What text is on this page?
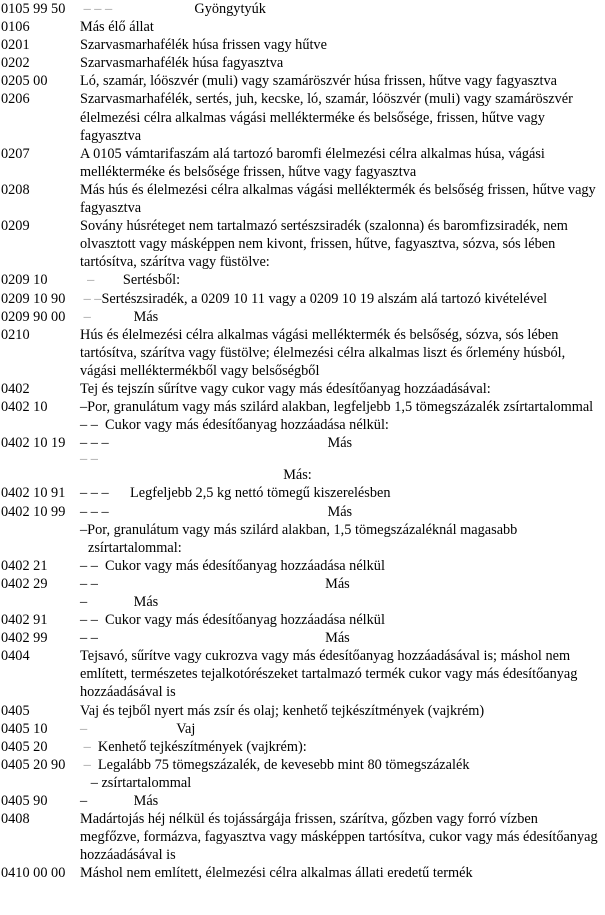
0105 99 50	– – –	Gyöngytyúk
0106	Más élő állat
0201	Szarvasmarhafélék húsa frissen vagy hűtve
0202	Szarvasmarhafélék húsa fagyasztva
0205 00	Ló, szamár, lóöszvér (muli) vagy szamáröszvér húsa frissen, hűtve vagy fagyasztva
0206	Szarvasmarhafélék, sertés, juh, kecske, ló, szamár, lóöszvér (muli) vagy szamáröszvér élelmezési célra alkalmas vágási mellékterméke és belsősége, frissen, hűtve vagy fagyasztva
0207	A 0105 vámtarifaszám alá tartozó baromfi élelmezési célra alkalmas húsa, vágási mellékterméke és belsősége frissen, hűtve vagy fagyasztva
0208	Más hús és élelmezési célra alkalmas vágási melléktermék és belsőség frissen, hűtve vagy fagyasztva
0209	Sovány húsréteget nem tartalmazó sertészsiradék (szalonna) és baromfizsiradék, nem olvasztott vagy másképpen nem kivont, frissen, hűtve, fagyasztva, sózva, sós lében tartósítva, szárítva vagy füstölve:
0209 10	– Sertésből:
0209 10 90	– –Sertészsiradék, a 0209 10 11 vagy a 0209 10 19 alszám alá tartozó kivételével
0209 90 00	–	Más
0210	Hús és élelmezési célra alkalmas vágási melléktermék és belsőség, sózva, sós lében tartósítva, szárítva vagy füstölve; élelmezési célra alkalmas liszt és őrlemény húsból, vágási melléktermékből vagy belsőségből
0402	Tej és tejszín sűrítve vagy cukor vagy más édesítőanyag hozzáadásával:
0402 10	–Por, granulátum vagy más szilárd alakban, legfeljebb 1,5 tömegszázalék zsírtartalommal
– – Cukor vagy más édesítőanyag hozzáadása nélkül:
0402 10 19	– – –	Más
– –
Más:
0402 10 91	– – – Legfeljebb 2,5 kg nettó tömegű kiszerelésben
0402 10 99	– – –	Más
–Por, granulátum vagy más szilárd alakban, 1,5 tömegszázaléknál magasabb zsírtartalommal:
0402 21	– – Cukor vagy más édesítőanyag hozzáadása nélkül
0402 29	– –	Más
–	Más
0402 91	– – Cukor vagy más édesítőanyag hozzáadása nélkül
0402 99	– –	Más
0404	Tejsavó, sűrítve vagy cukrozva vagy más édesítőanyag hozzáadásával is; máshol nem említett, természetes tejalkotórészeket tartalmazó termék cukor vagy más édesítőanyag hozzáadásával is
0405	Vaj és tejből nyert más zsír és olaj; kenhető tejkészítmények (vajkrém)
0405 10	–	Vaj
0405 20	– Kenhető tejkészítmények (vajkrém):
0405 20 90	– Legalább 75 tömegszázalék, de kevesebb mint 80 tömegszázalék
– zsírtartalommal
0405 90	–	Más
0408	Madártojás héj nélkül és tojássárgája frissen, szárítva, gőzben vagy forró vízben megfőzve, formázva, fagyasztva vagy másképpen tartósítva, cukor vagy más édesítőanyag hozzáadásával is
0410 00 00	Máshol nem említett, élelmezési célra alkalmas állati eredetű termék
